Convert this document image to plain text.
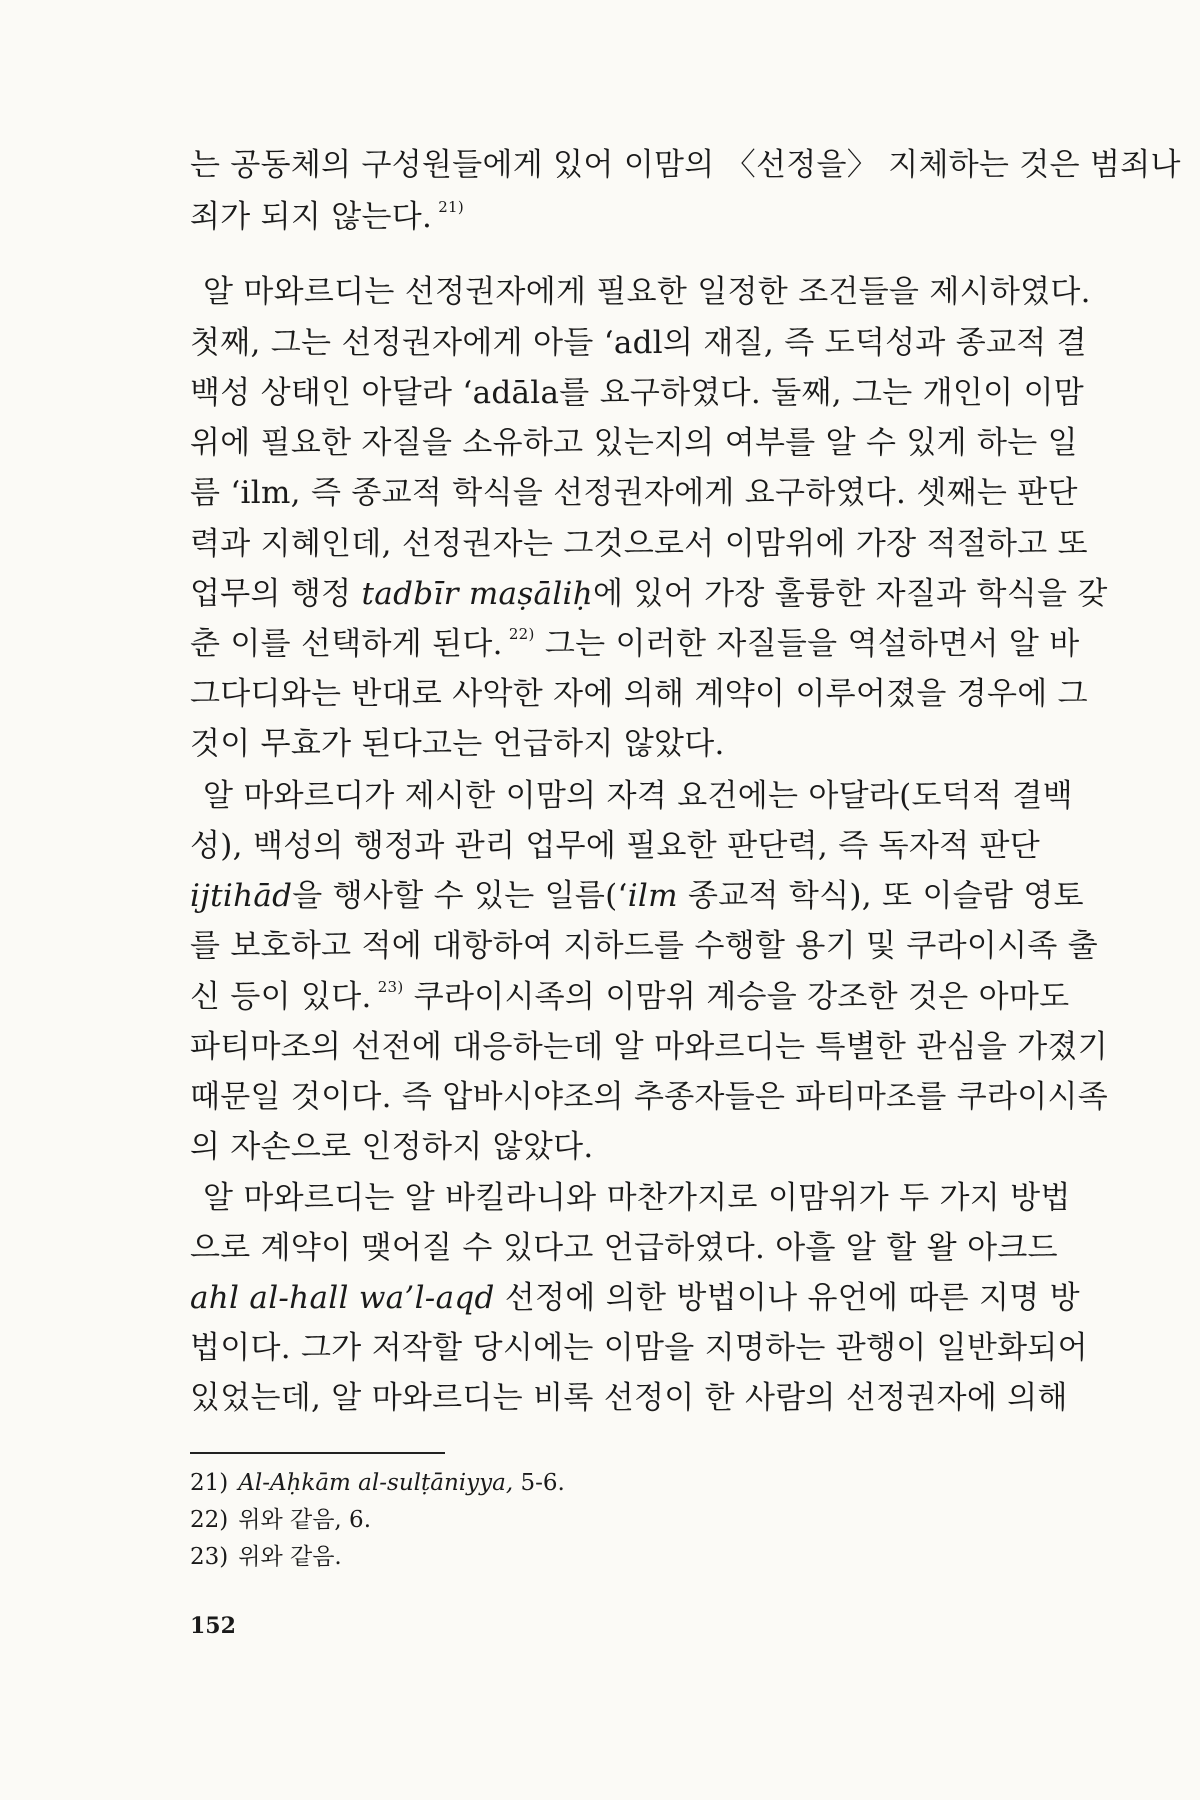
는 공동체의 구성원들에게 있어 이맘의 〈선정을〉 지체하는 것은 범죄나
죄가 되지 않는다. $^{21)}$
알 마와르디는 선정권자에게 필요한 일정한 조건들을 제시하였다.
첫째, 그는 선정권자에게 아들 ‘adl의 재질, 즉 도덕성과 종교적 결
백성 상태인 아달라 ‘adāla를 요구하였다. 둘째, 그는 개인이 이맘
위에 필요한 자질을 소유하고 있는지의 여부를 알 수 있게 하는 일
름 ‘ilm, 즉 종교적 학식을 선정권자에게 요구하였다. 셋째는 판단
력과 지혜인데, 선정권자는 그것으로서 이맘위에 가장 적절하고 또
업무의 행정 tadbīr maṣāliḥ에 있어 가장 훌륭한 자질과 학식을 갖
춘 이를 선택하게 된다. $^{22)}$ 그는 이러한 자질들을 역설하면서 알 바
그다디와는 반대로 사악한 자에 의해 계약이 이루어졌을 경우에 그
것이 무효가 된다고는 언급하지 않았다.
알 마와르디가 제시한 이맘의 자격 요건에는 아달라(도덕적 결백
성), 백성의 행정과 관리 업무에 필요한 판단력, 즉 독자적 판단
ijtihād을 행사할 수 있는 일름(‘ilm 종교적 학식), 또 이슬람 영토
를 보호하고 적에 대항하여 지하드를 수행할 용기 및 쿠라이시족 출
신 등이 있다. $^{23)}$ 쿠라이시족의 이맘위 계승을 강조한 것은 아마도
파티마조의 선전에 대응하는데 알 마와르디는 특별한 관심을 가졌기
때문일 것이다. 즉 압바시야조의 추종자들은 파티마조를 쿠라이시족
의 자손으로 인정하지 않았다.
알 마와르디는 알 바킬라니와 마찬가지로 이맘위가 두 가지 방법
으로 계약이 맺어질 수 있다고 언급하였다. 아흘 알 할 왈 아크드
ahl al-hall wa’l-aqd 선정에 의한 방법이나 유언에 따른 지명 방
법이다. 그가 저작할 당시에는 이맘을 지명하는 관행이 일반화되어
있었는데, 알 마와르디는 비록 선정이 한 사람의 선정권자에 의해
21) Al-Aḥkām al-sulṭāniyya, 5-6.
22) 위와 같음, 6.
23) 위와 같음.
152
